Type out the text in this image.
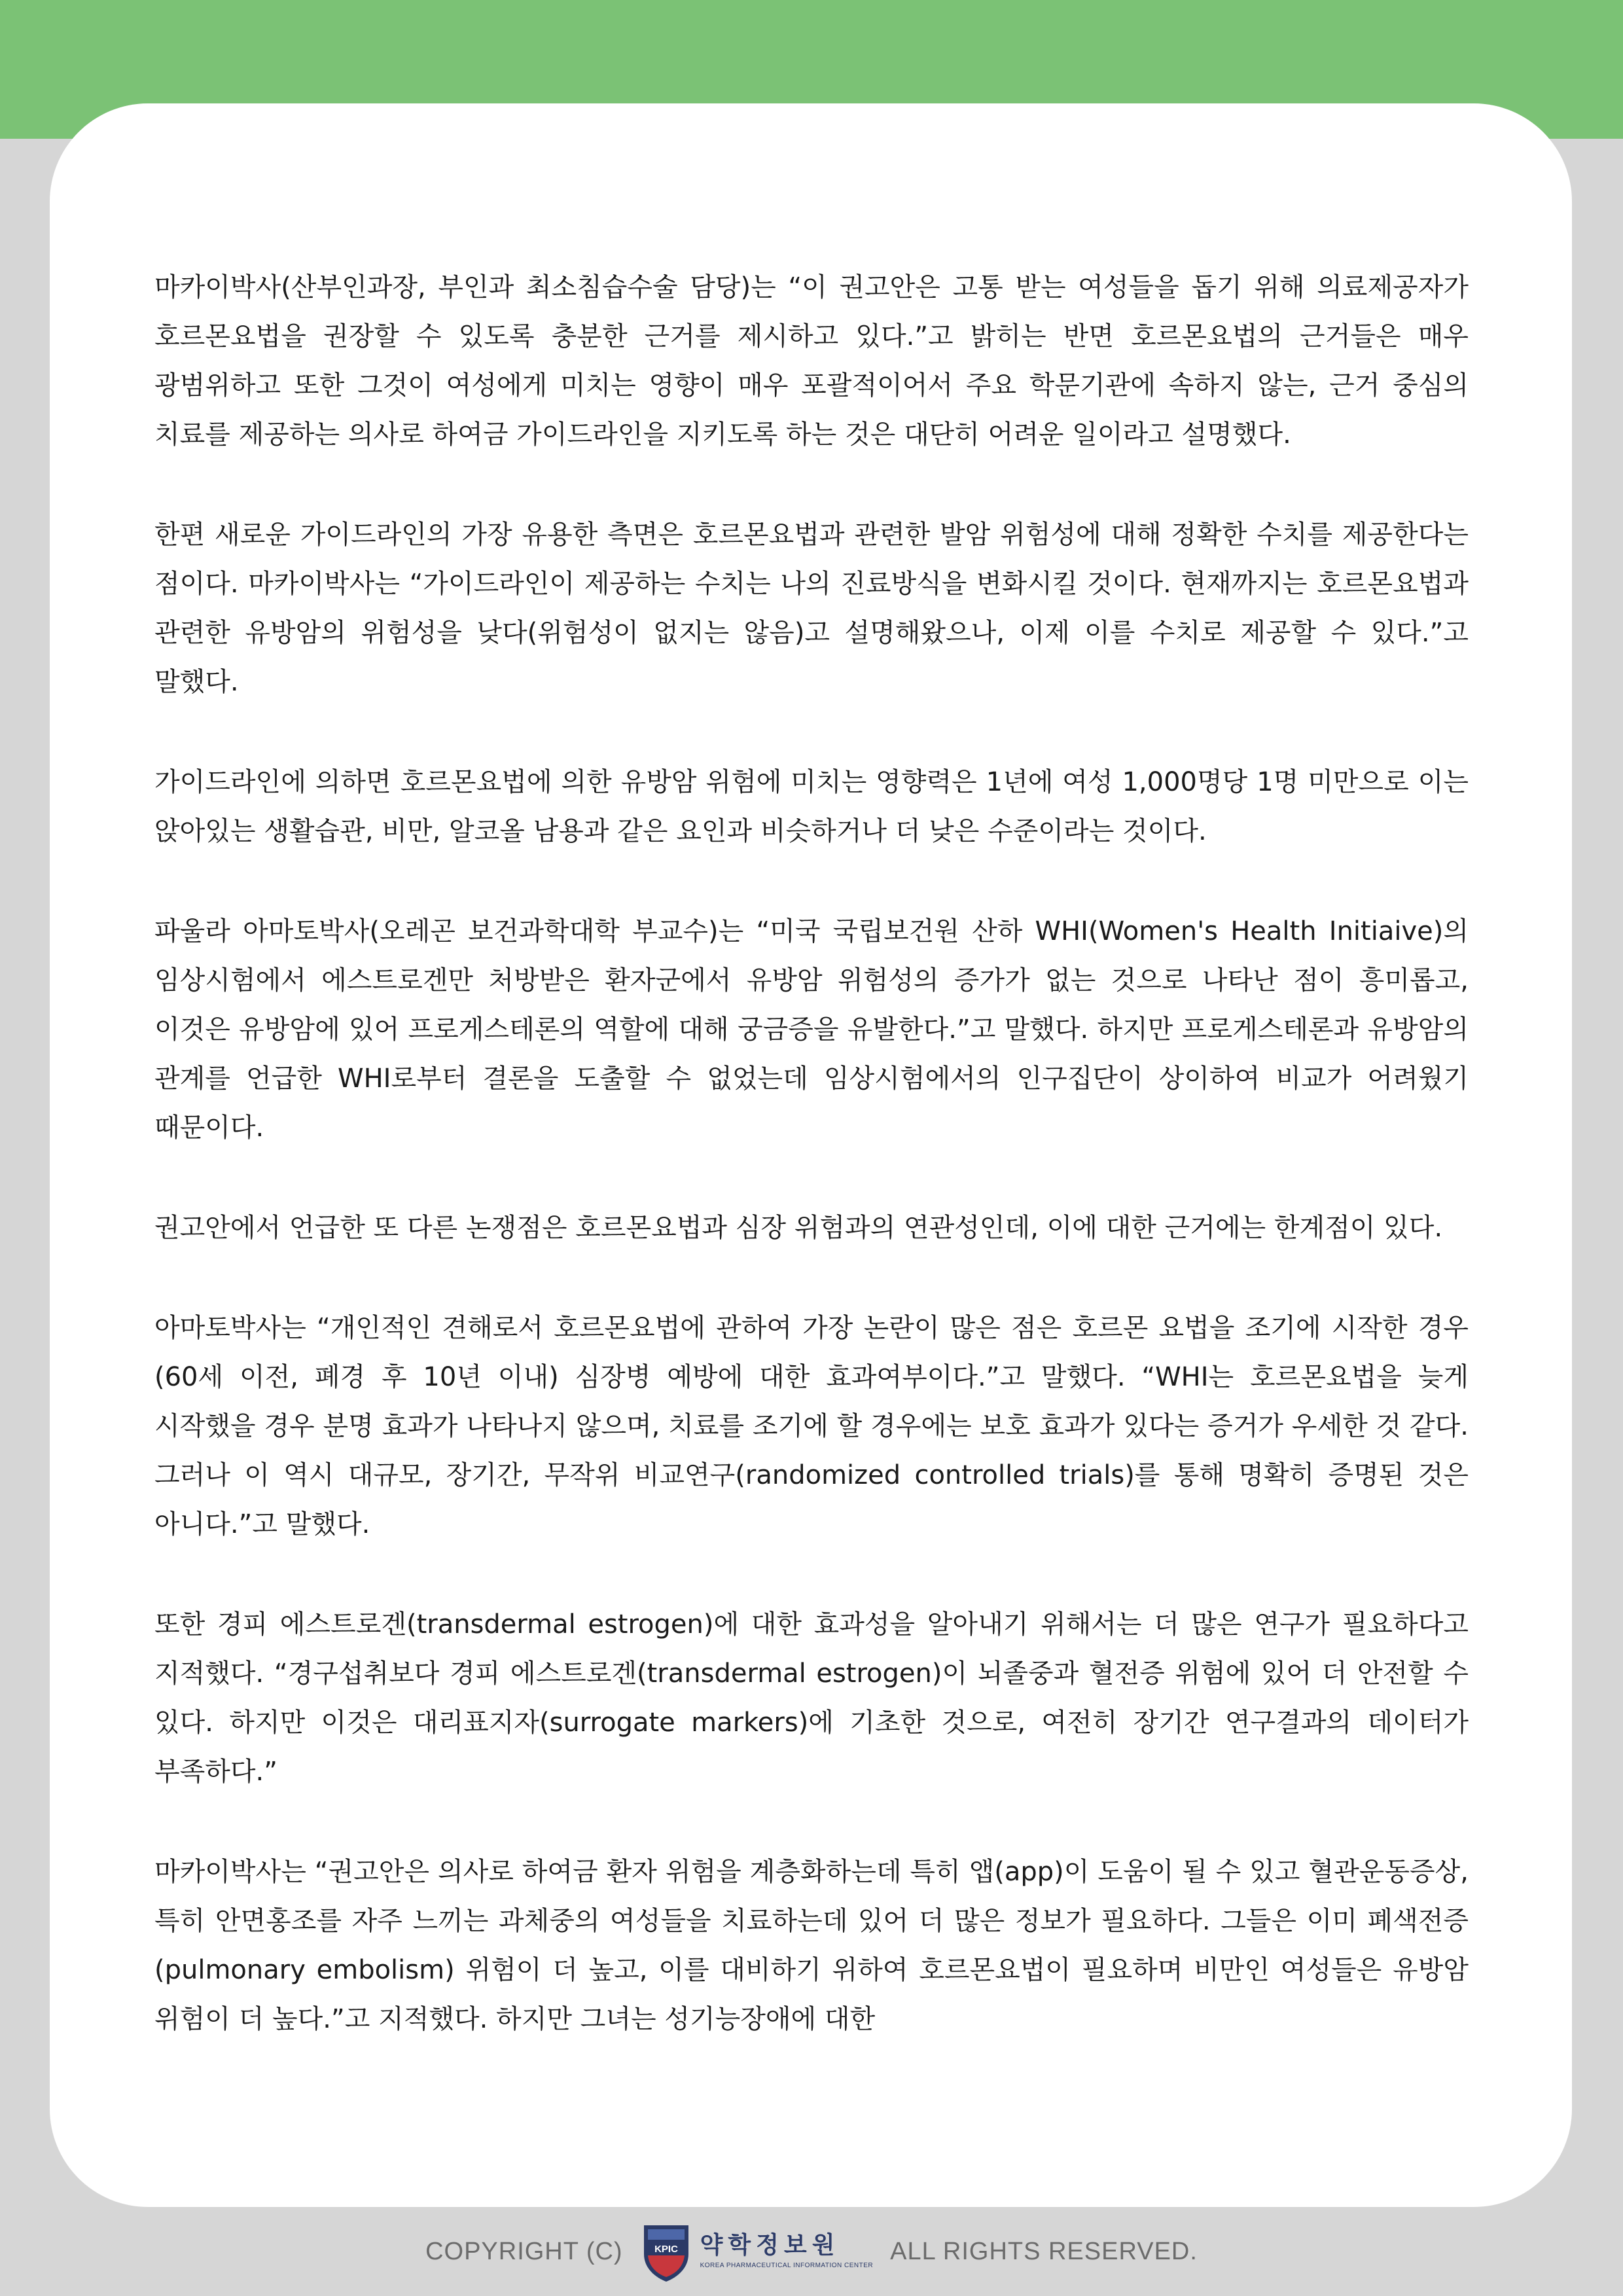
마카이박사(산부인과장, 부인과 최소침습수술 담당)는 “이 권고안은 고통 받는 여성들을 돕기 위해 의료제공자가 호르몬요법을 권장할 수 있도록 충분한 근거를 제시하고 있다.”고 밝히는 반면 호르몬요법의 근거들은 매우 광범위하고 또한 그것이 여성에게 미치는 영향이 매우 포괄적이어서 주요 학문기관에 속하지 않는, 근거 중심의 치료를 제공하는 의사로 하여금 가이드라인을 지키도록 하는 것은 대단히 어려운 일이라고 설명했다.

한편 새로운 가이드라인의 가장 유용한 측면은 호르몬요법과 관련한 발암 위험성에 대해 정확한 수치를 제공한다는 점이다. 마카이박사는 “가이드라인이 제공하는 수치는 나의 진료방식을 변화시킬 것이다. 현재까지는 호르몬요법과 관련한 유방암의 위험성을 낮다(위험성이 없지는 않음)고 설명해왔으나, 이제 이를 수치로 제공할 수 있다.”고 말했다.

가이드라인에 의하면 호르몬요법에 의한 유방암 위험에 미치는 영향력은 1년에 여성 1,000명당 1명 미만으로 이는 앉아있는 생활습관, 비만, 알코올 남용과 같은 요인과 비슷하거나 더 낮은 수준이라는 것이다.

파울라 아마토박사(오레곤 보건과학대학 부교수)는 “미국 국립보건원 산하 WHI(Women's Health Initiaive)의 임상시험에서 에스트로겐만 처방받은 환자군에서 유방암 위험성의 증가가 없는 것으로 나타난 점이 흥미롭고, 이것은 유방암에 있어 프로게스테론의 역할에 대해 궁금증을 유발한다.”고 말했다. 하지만 프로게스테론과 유방암의 관계를 언급한 WHI로부터 결론을 도출할 수 없었는데 임상시험에서의 인구집단이 상이하여 비교가 어려웠기 때문이다.

권고안에서 언급한 또 다른 논쟁점은 호르몬요법과 심장 위험과의 연관성인데, 이에 대한 근거에는 한계점이 있다.

아마토박사는 “개인적인 견해로서 호르몬요법에 관하여 가장 논란이 많은 점은 호르몬 요법을 조기에 시작한 경우(60세 이전, 폐경 후 10년 이내) 심장병 예방에 대한 효과여부이다.”고 말했다. “WHI는 호르몬요법을 늦게 시작했을 경우 분명 효과가 나타나지 않으며, 치료를 조기에 할 경우에는 보호 효과가 있다는 증거가 우세한 것 같다. 그러나 이 역시 대규모, 장기간, 무작위 비교연구(randomized controlled trials)를 통해 명확히 증명된 것은 아니다.”고 말했다.

또한 경피 에스트로겐(transdermal estrogen)에 대한 효과성을 알아내기 위해서는 더 많은 연구가 필요하다고 지적했다. “경구섭취보다 경피 에스트로겐(transdermal estrogen)이 뇌졸중과 혈전증 위험에 있어 더 안전할 수 있다. 하지만 이것은 대리표지자(surrogate markers)에 기초한 것으로, 여전히 장기간 연구결과의 데이터가 부족하다.”

마카이박사는 “권고안은 의사로 하여금 환자 위험을 계층화하는데 특히 앱(app)이 도움이 될 수 있고 혈관운동증상, 특히 안면홍조를 자주 느끼는 과체중의 여성들을 치료하는데 있어 더 많은 정보가 필요하다. 그들은 이미 폐색전증(pulmonary embolism) 위험이 더 높고, 이를 대비하기 위하여 호르몬요법이 필요하며 비만인 여성들은 유방암 위험이 더 높다.”고 지적했다. 하지만 그녀는 성기능장애에 대한

COPYRIGHT (C)	KPIC 약학정보원
KOREA PHARMACEUTICAL INFORMATION CENTER
ALL RIGHTS RESERVED.
